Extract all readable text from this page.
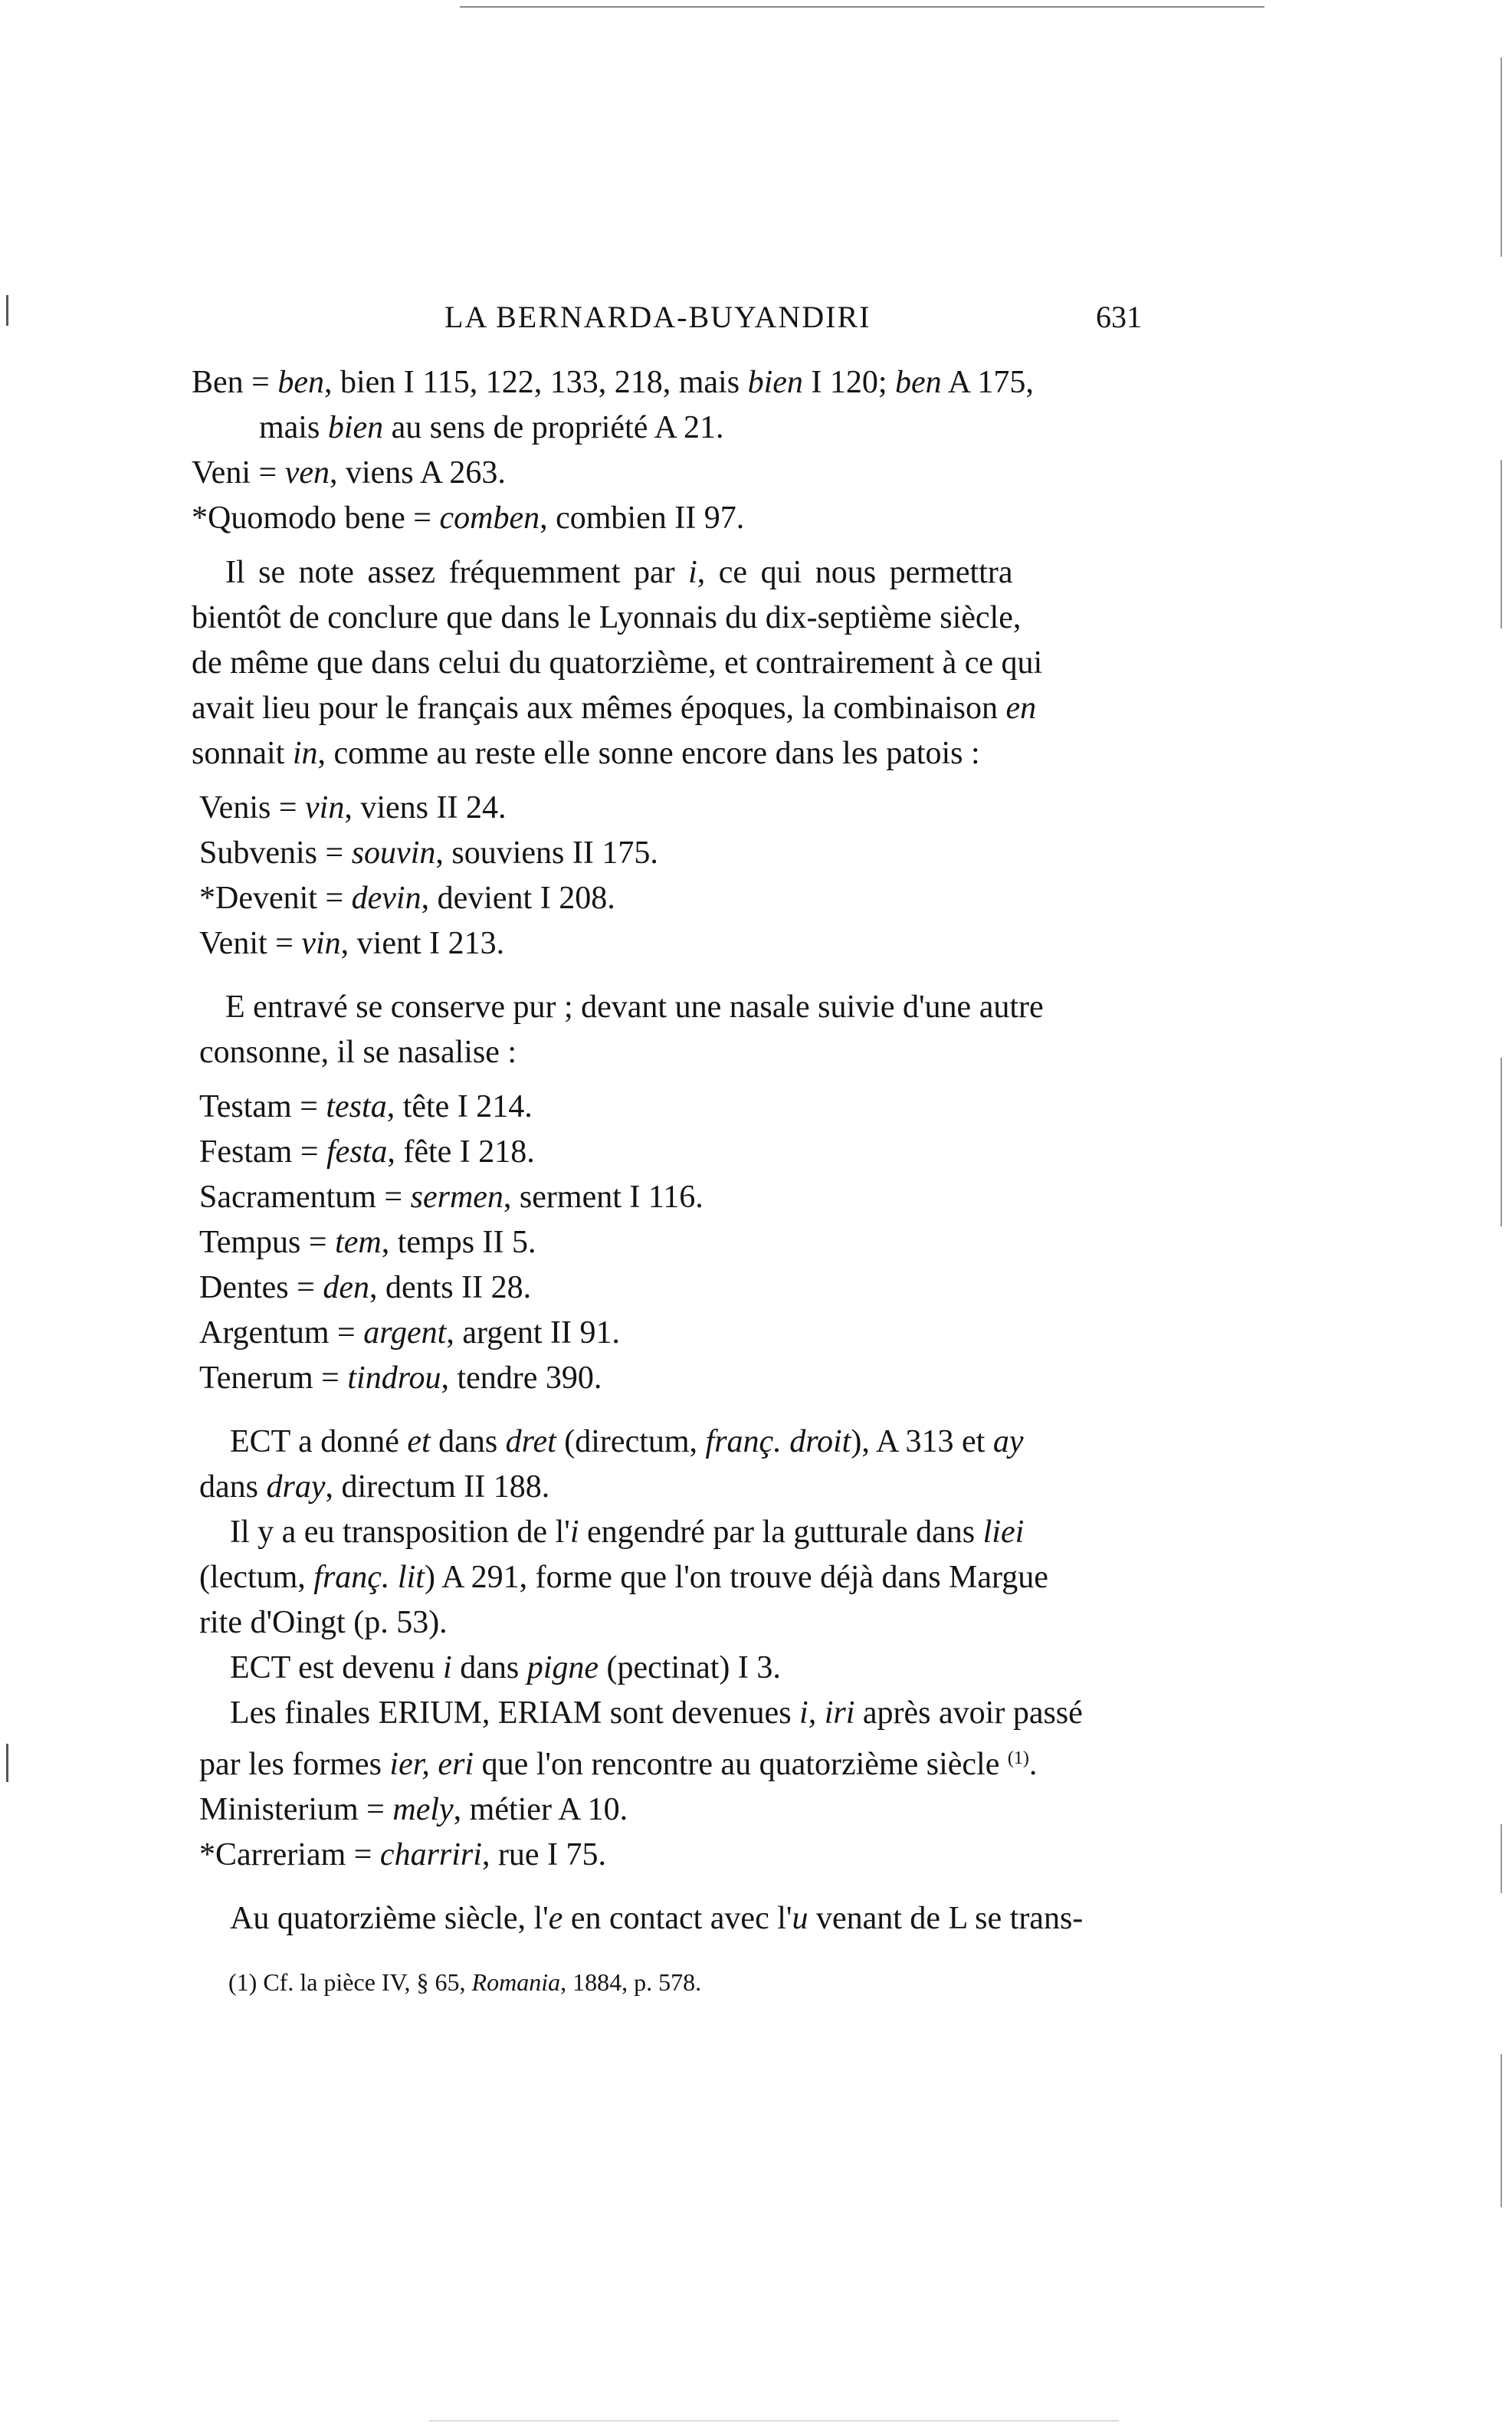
LA BERNARDA-BUYANDIRI	631
Ben = ben, bien I 115, 122, 133, 218, mais bien I 120; ben A 175,
mais bien au sens de propriété A 21.
Veni = ven, viens A 263.
*Quomodo bene = comben, combien II 97.
Il se note assez fréquemment par i, ce qui nous permettra
bientôt de conclure que dans le Lyonnais du dix-septième siècle,
de même que dans celui du quatorzième, et contrairement à ce qui
avait lieu pour le français aux mêmes époques, la combinaison en
sonnait in, comme au reste elle sonne encore dans les patois :
Venis = vin, viens II 24.
Subvenis = souvin, souviens II 175.
*Devenit = devin, devient I 208.
Venit = vin, vient I 213.
E entravé se conserve pur ; devant une nasale suivie d'une autre
consonne, il se nasalise :
Testam = testa, tête I 214.
Festam = festa, fête I 218.
Sacramentum = sermen, serment I 116.
Tempus = tem, temps II 5.
Dentes = den, dents II 28.
Argentum = argent, argent II 91.
Tenerum = tindrou, tendre 390.
ECT a donné et dans dret (directum, franç. droit), A 313 et ay
dans dray, directum II 188.
Il y a eu transposition de l'i engendré par la gutturale dans liei
(lectum, franç. lit) A 291, forme que l'on trouve déjà dans Margue
rite d'Oingt (p. 53).
ECT est devenu i dans pigne (pectinat) I 3.
Les finales ERIUM, ERIAM sont devenues i, iri après avoir passé
par les formes ier, eri que l'on rencontre au quatorzième siècle $^{(1)}$.
Ministerium = mely, métier A 10.
*Carreriam = charriri, rue I 75.
Au quatorzième siècle, l'e en contact avec l'u venant de L se trans-
(1) Cf. la pièce IV, § 65, Romania, 1884, p. 578.
